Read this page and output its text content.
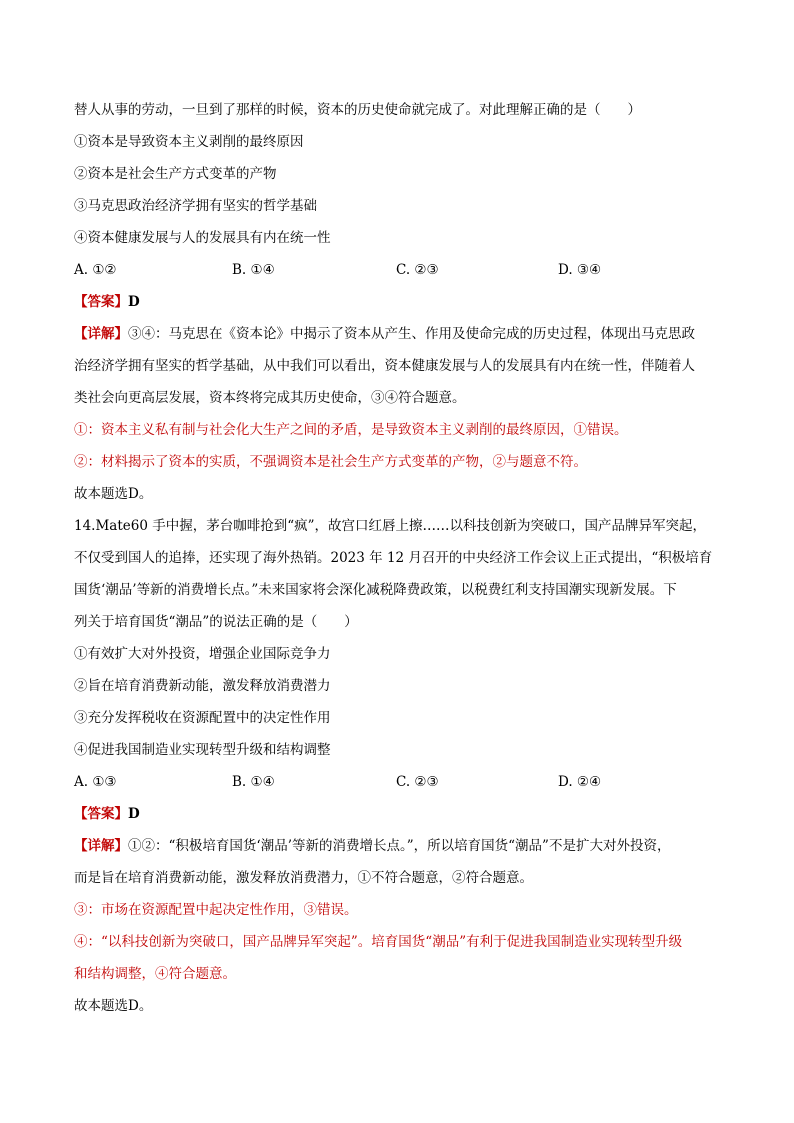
替人从事的劳动，一旦到了那样的时候，资本的历史使命就完成了。对此理解正确的是（　　）
①资本是导致资本主义剥削的最终原因
②资本是社会生产方式变革的产物
③马克思政治经济学拥有坚实的哲学基础
④资本健康发展与人的发展具有内在统一性
A. ①②	B. ①④	C. ②③	D. ③④
【答案】D
【详解】③④：马克思在《资本论》中揭示了资本从产生、作用及使命完成的历史过程，体现出马克思政
治经济学拥有坚实的哲学基础，从中我们可以看出，资本健康发展与人的发展具有内在统一性，伴随着人
类社会向更高层发展，资本终将完成其历史使命，③④符合题意。
①：资本主义私有制与社会化大生产之间的矛盾，是导致资本主义剥削的最终原因，①错误。
②：材料揭示了资本的实质，不强调资本是社会生产方式变革的产物，②与题意不符。
故本题选D。
14.Mate60 手中握，茅台咖啡抢到“疯”，故宫口红唇上擦……以科技创新为突破口，国产品牌异军突起，
不仅受到国人的追捧，还实现了海外热销。2023 年 12 月召开的中央经济工作会议上正式提出，“积极培育
国货‘潮品’等新的消费增长点。”未来国家将会深化减税降费政策，以税费红利支持国潮实现新发展。下
列关于培育国货“潮品”的说法正确的是（　　）
①有效扩大对外投资，增强企业国际竞争力
②旨在培育消费新动能，激发释放消费潜力
③充分发挥税收在资源配置中的决定性作用
④促进我国制造业实现转型升级和结构调整
A. ①③	B. ①④	C. ②③	D. ②④
【答案】D
【详解】①②：“积极培育国货‘潮品’等新的消费增长点。”，所以培育国货“潮品”不是扩大对外投资，
而是旨在培育消费新动能，激发释放消费潜力，①不符合题意，②符合题意。
③：市场在资源配置中起决定性作用，③错误。
④：“以科技创新为突破口，国产品牌异军突起”。培育国货“潮品”有利于促进我国制造业实现转型升级
和结构调整，④符合题意。
故本题选D。
